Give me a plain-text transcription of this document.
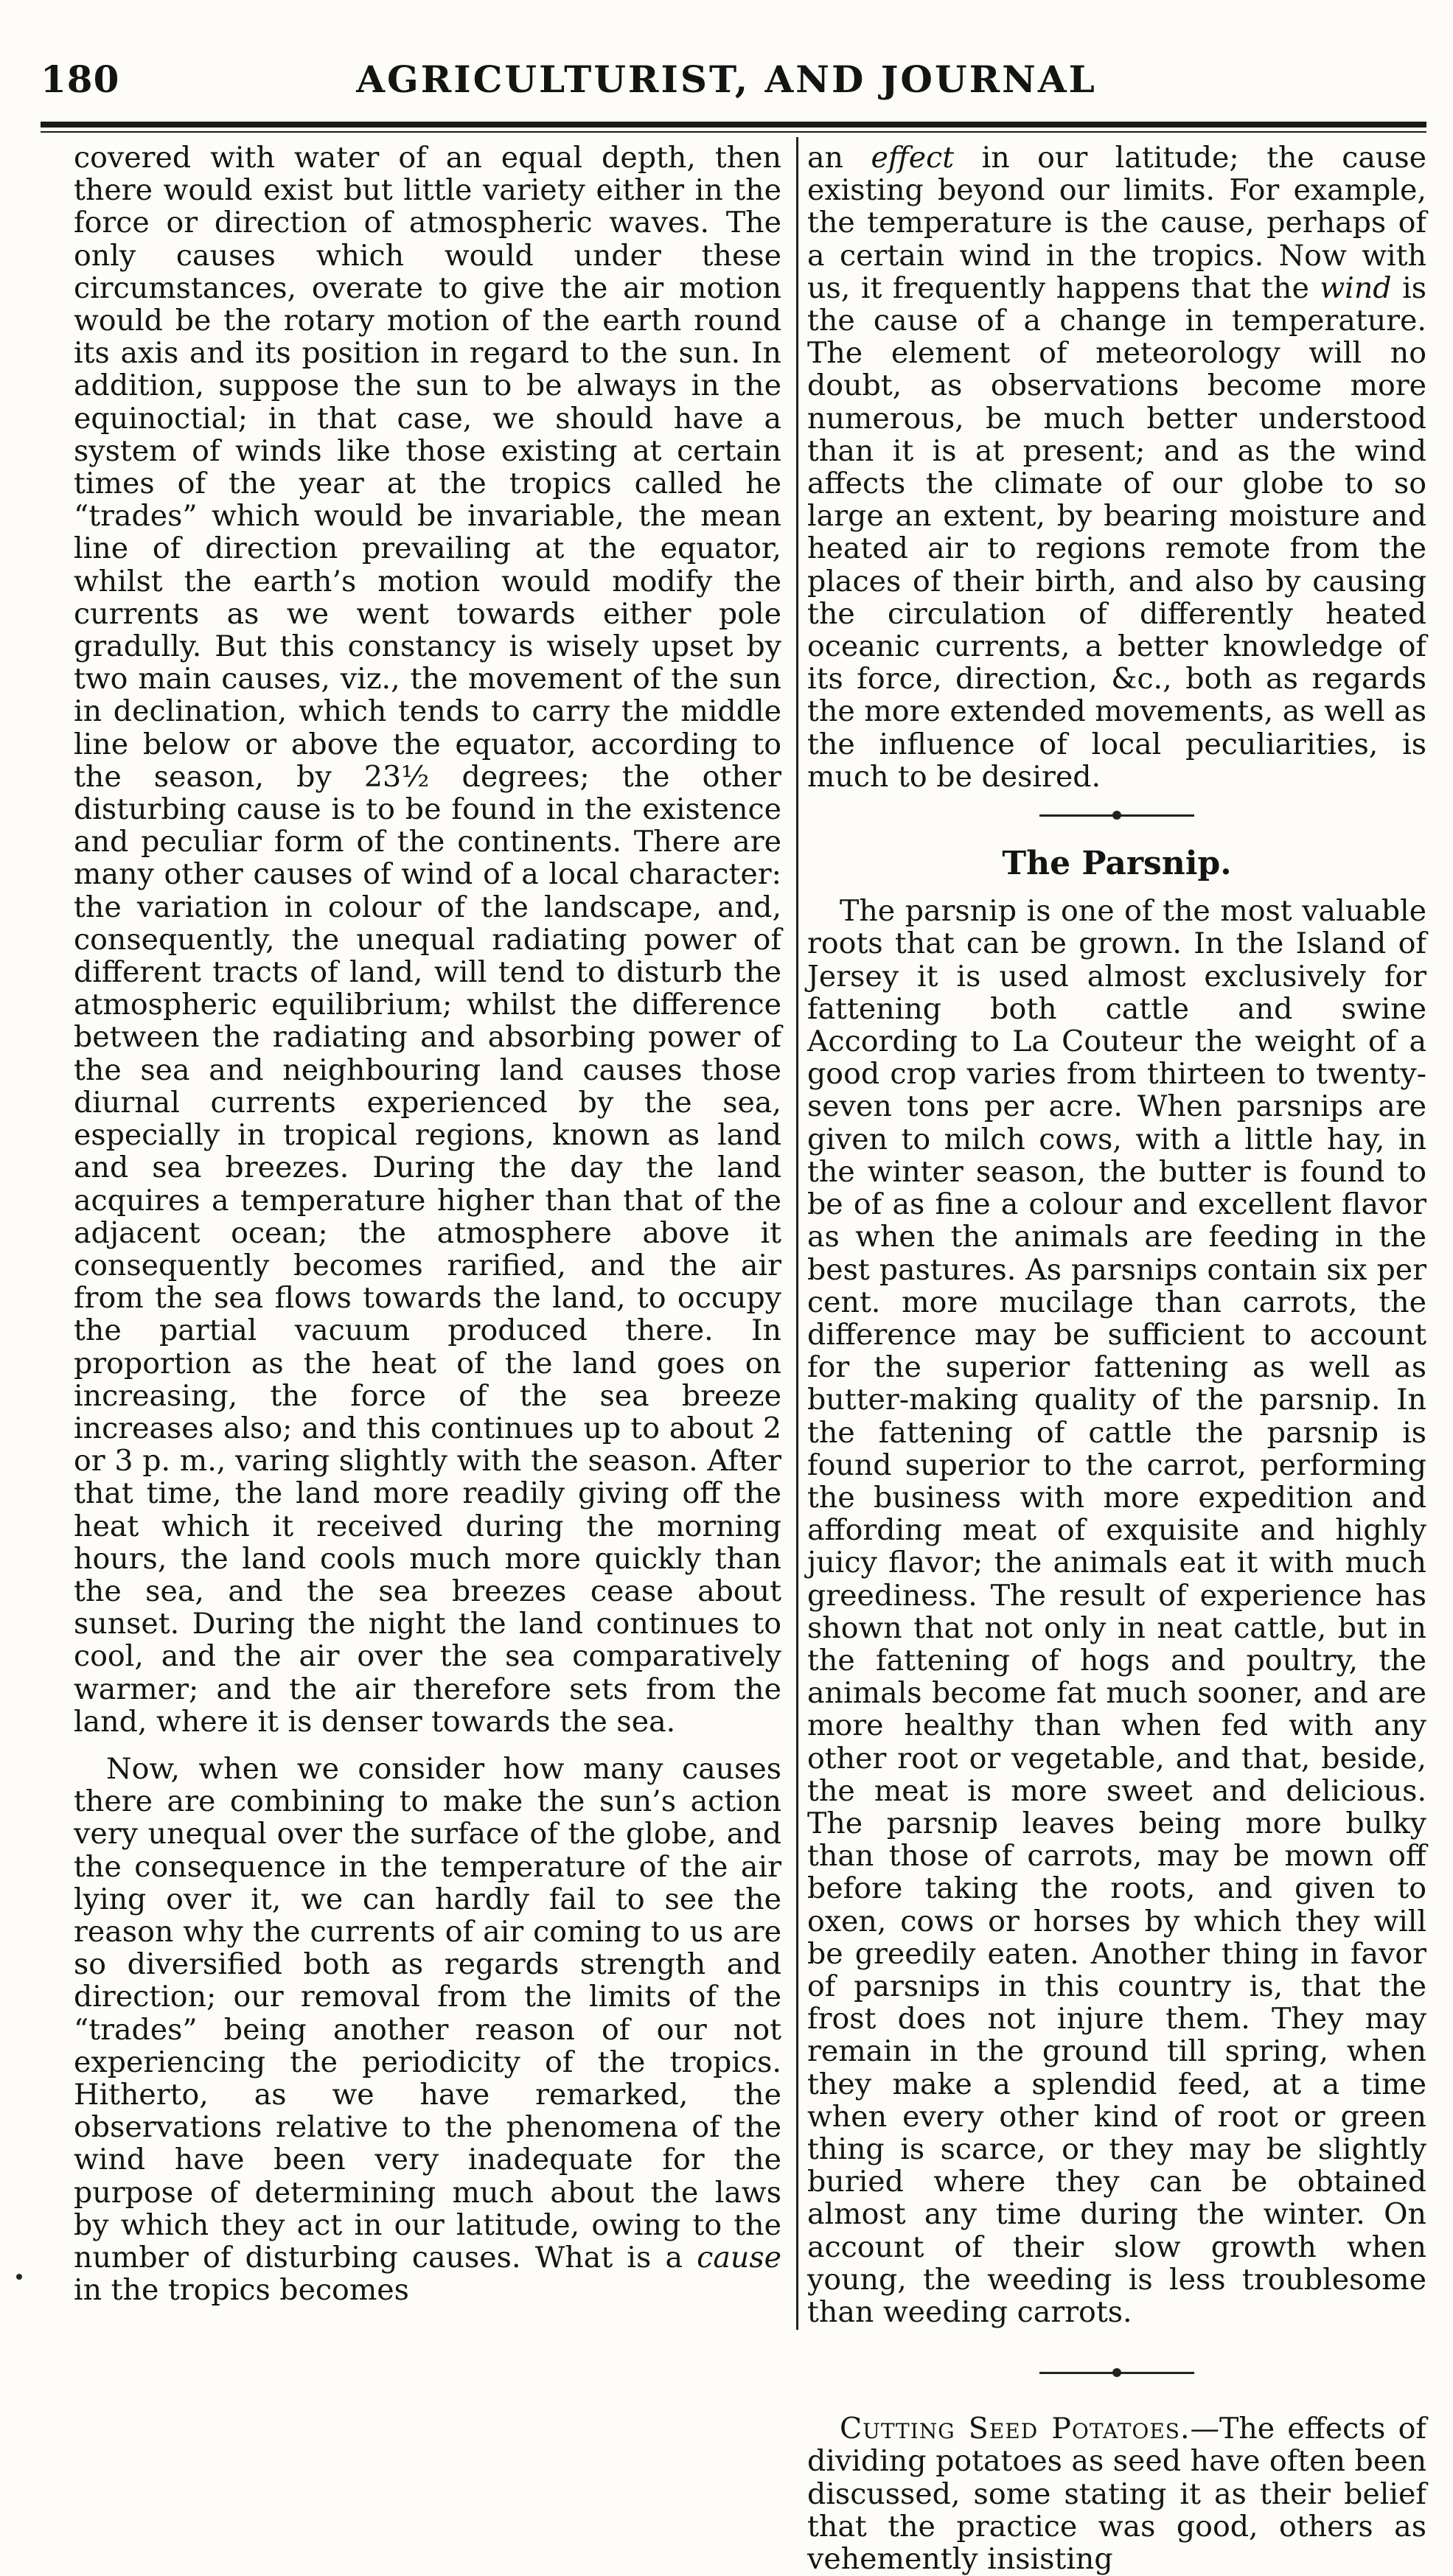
180	AGRICULTURIST, AND JOURNAL

covered with water of an equal depth, then there would exist but little variety either in the force or direction of atmospheric waves. The only causes which would under these circumstances, overate to give the air motion would be the rotary motion of the earth round its axis and its position in regard to the sun. In addition, suppose the sun to be always in the equinoctial; in that case, we should have a system of winds like those existing at certain times of the year at the tropics called he “trades” which would be invariable, the mean line of direction prevailing at the equator, whilst the earth’s motion would modify the currents as we went towards either pole gradully. But this constancy is wisely upset by two main causes, viz., the movement of the sun in declination, which tends to carry the middle line below or above the equator, according to the season, by 23½ degrees; the other disturbing cause is to be found in the existence and peculiar form of the continents. There are many other causes of wind of a local character: the variation in colour of the landscape, and, consequently, the unequal radiating power of different tracts of land, will tend to disturb the atmospheric equilibrium; whilst the difference between the radiating and absorbing power of the sea and neighbouring land causes those diurnal currents experienced by the sea, especially in tropical regions, known as land and sea breezes. During the day the land acquires a temperature higher than that of the adjacent ocean; the atmosphere above it consequently becomes rarified, and the air from the sea flows towards the land, to occupy the partial vacuum produced there. In proportion as the heat of the land goes on increasing, the force of the sea breeze increases also; and this continues up to about 2 or 3 p. m., varing slightly with the season. After that time, the land more readily giving off the heat which it received during the morning hours, the land cools much more quickly than the sea, and the sea breezes cease about sunset. During the night the land continues to cool, and the air over the sea comparatively warmer; and the air therefore sets from the land, where it is denser towards the sea.

Now, when we consider how many causes there are combining to make the sun’s action very unequal over the surface of the globe, and the consequence in the temperature of the air lying over it, we can hardly fail to see the reason why the currents of air coming to us are so diversified both as regards strength and direction; our removal from the limits of the “trades” being another reason of our not experiencing the periodicity of the tropics. Hitherto, as we have remarked, the observations relative to the phenomena of the wind have been very inadequate for the purpose of determining much about the laws by which they act in our latitude, owing to the number of disturbing causes. What is a cause in the tropics becomes

an effect in our latitude; the cause existing beyond our limits. For example, the temperature is the cause, perhaps of a certain wind in the tropics. Now with us, it frequently happens that the wind is the cause of a change in temperature. The element of meteorology will no doubt, as observations become more numerous, be much better understood than it is at present; and as the wind affects the climate of our globe to so large an extent, by bearing moisture and heated air to regions remote from the places of their birth, and also by causing the circulation of differently heated oceanic currents, a better knowledge of its force, direction, &c., both as regards the more extended movements, as well as the influence of local peculiarities, is much to be desired.

The Parsnip.

The parsnip is one of the most valuable roots that can be grown. In the Island of Jersey it is used almost exclusively for fattening both cattle and swine According to La Couteur the weight of a good crop varies from thirteen to twenty-seven tons per acre. When parsnips are given to milch cows, with a little hay, in the winter season, the butter is found to be of as fine a colour and excellent flavor as when the animals are feeding in the best pastures. As parsnips contain six per cent. more mucilage than carrots, the difference may be sufficient to account for the superior fattening as well as butter-making quality of the parsnip. In the fattening of cattle the parsnip is found superior to the carrot, performing the business with more expedition and affording meat of exquisite and highly juicy flavor; the animals eat it with much greediness. The result of experience has shown that not only in neat cattle, but in the fattening of hogs and poultry, the animals become fat much sooner, and are more healthy than when fed with any other root or vegetable, and that, beside, the meat is more sweet and delicious. The parsnip leaves being more bulky than those of carrots, may be mown off before taking the roots, and given to oxen, cows or horses by which they will be greedily eaten. Another thing in favor of parsnips in this country is, that the frost does not injure them. They may remain in the ground till spring, when they make a splendid feed, at a time when every other kind of root or green thing is scarce, or they may be slightly buried where they can be obtained almost any time during the winter. On account of their slow growth when young, the weeding is less troublesome than weeding carrots.

Cutting Seed Potatoes.—The effects of dividing potatoes as seed have often been discussed, some stating it as their belief that the practice was good, others as vehemently insisting
